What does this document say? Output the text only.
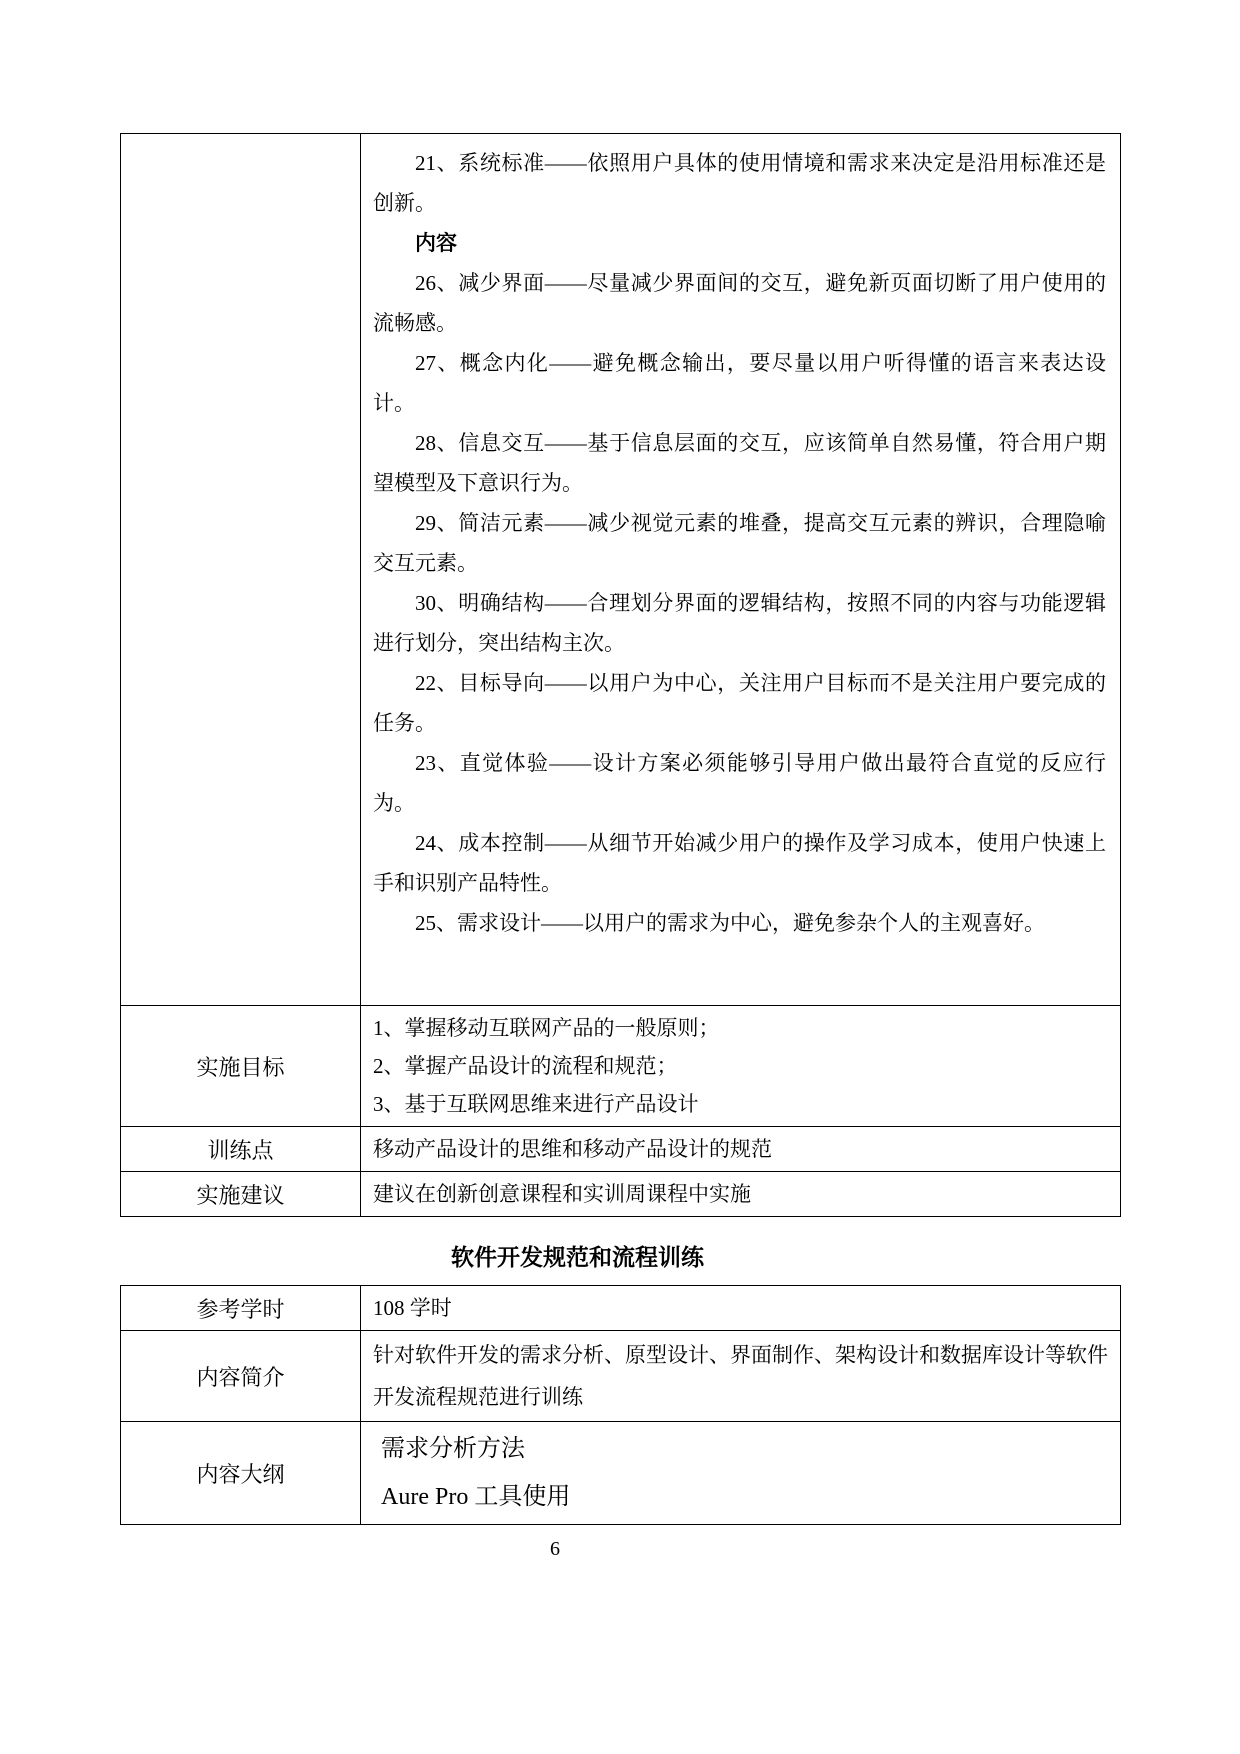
21、系统标准——依照用户具体的使用情境和需求来决定是沿用标准还是创新。

内容

26、减少界面——尽量减少界面间的交互，避免新页面切断了用户使用的流畅感。

27、概念内化——避免概念输出，要尽量以用户听得懂的语言来表达设计。

28、信息交互——基于信息层面的交互，应该简单自然易懂，符合用户期望模型及下意识行为。

29、简洁元素——减少视觉元素的堆叠，提高交互元素的辨识，合理隐喻交互元素。

30、明确结构——合理划分界面的逻辑结构，按照不同的内容与功能逻辑进行划分，突出结构主次。

22、目标导向——以用户为中心，关注用户目标而不是关注用户要完成的任务。

23、直觉体验——设计方案必须能够引导用户做出最符合直觉的反应行为。

24、成本控制——从细节开始减少用户的操作及学习成本，使用户快速上手和识别产品特性。

25、需求设计——以用户的需求为中心，避免参杂个人的主观喜好。

实施目标	1、掌握移动互联网产品的一般原则；

2、掌握产品设计的流程和规范；

3、基于互联网思维来进行产品设计

训练点	移动产品设计的思维和移动产品设计的规范

实施建议	建议在创新创意课程和实训周课程中实施

软件开发规范和流程训练
参考学时	108 学时

内容简介	针对软件开发的需求分析、原型设计、界面制作、架构设计和数据库设计等软件开发流程规范进行训练

内容大纲	需求分析方法

Aure Pro 工具使用

6
